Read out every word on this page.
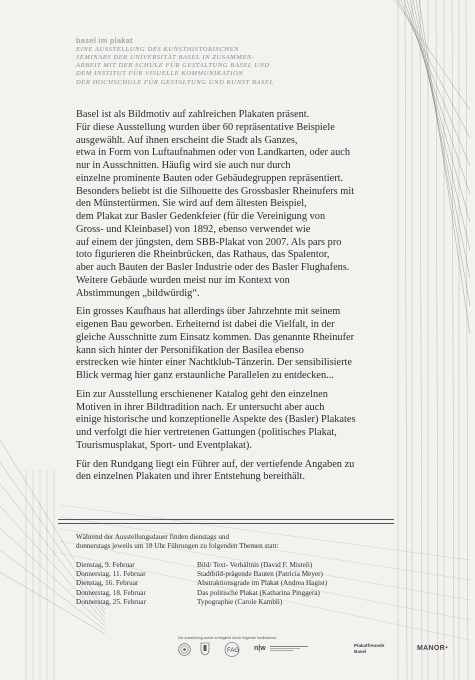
basel im plakat
EINE AUSSTELLUNG DES KUNSTHISTORISCHEN
SEMINARS DER UNIVERSITÄT BASEL IN ZUSAMMEN-
ARBEIT MIT DER SCHULE FÜR GESTALTUNG BASEL UND
DEM INSTITUT FÜR VISUELLE KOMMUNIKATION
DER HOCHSCHULE FÜR GESTALTUNG UND KUNST BASEL

Basel ist als Bildmotiv auf zahlreichen Plakaten präsent.
Für diese Ausstellung wurden über 60 repräsentative Beispiele
ausgewählt. Auf ihnen erscheint die Stadt als Ganzes,
etwa in Form von Luftaufnahmen oder von Landkarten, oder auch
nur in Ausschnitten. Häufig wird sie auch nur durch
einzelne prominente Bauten oder Gebäudegruppen repräsentiert.
Besonders beliebt ist die Silhouette des Grossbasler Rheinufers mit
den Münstertürmen. Sie wird auf dem ältesten Beispiel,
dem Plakat zur Basler Gedenkfeier (für die Vereinigung von
Gross- und Kleinbasel) von 1892, ebenso verwendet wie
auf einem der jüngsten, dem SBB-Plakat von 2007. Als pars pro
toto figurieren die Rheinbrücken, das Rathaus, das Spalentor,
aber auch Bauten der Basler Industrie oder des Basler Flughafens.
Weitere Gebäude wurden meist nur im Kontext von
Abstimmungen „bildwürdig“.

Ein grosses Kaufhaus hat allerdings über Jahrzehnte mit seinem
eigenen Bau geworben. Erheiternd ist dabei die Vielfalt, in der
gleiche Ausschnitte zum Einsatz kommen. Das genannte Rheinufer
kann sich hinter der Personifikation der Basilea ebenso
erstrecken wie hinter einer Nachtklub-Tänzerin. Der sensibilisierte
Blick vermag hier ganz erstaunliche Parallelen zu entdecken...

Ein zur Ausstellung erschienener Katalog geht den einzelnen
Motiven in ihrer Bildtradition nach. Er untersucht aber auch
einige historische und konzeptionelle Aspekte des (Basler) Plakates
und verfolgt die hier vertretenen Gattungen (politisches Plakat,
Tourismusplakat, Sport- und Eventplakat).

Für den Rundgang liegt ein Führer auf, der vertiefende Angaben zu
den einzelnen Plakaten und ihrer Entstehung bereithält.

Während der Ausstellungsdauer finden dienstags und
donnerstags jeweils um 18 Uhr Führungen zu folgenden Themen statt:
Dienstag, 9. Februar	Bild/ Text- Verhältnis (David F. Misteli)
Donnerstag, 11. Februar	Stadtbild-prägende Bauten (Patricia Meyer)
Dienstag, 16. Februar	Abstraktionsgrade im Plakat (Andrea Hagist)
Donnerstag, 18. Februar	Das politische Plakat (Katharina Pinggera)
Donnerstag, 25. Februar	Typographie (Carole Kambli)
Die Ausstellung wurde ermöglicht durch folgende Institutionen:
FAG n|w	Plakatfreunde
Basel	MANOR+
